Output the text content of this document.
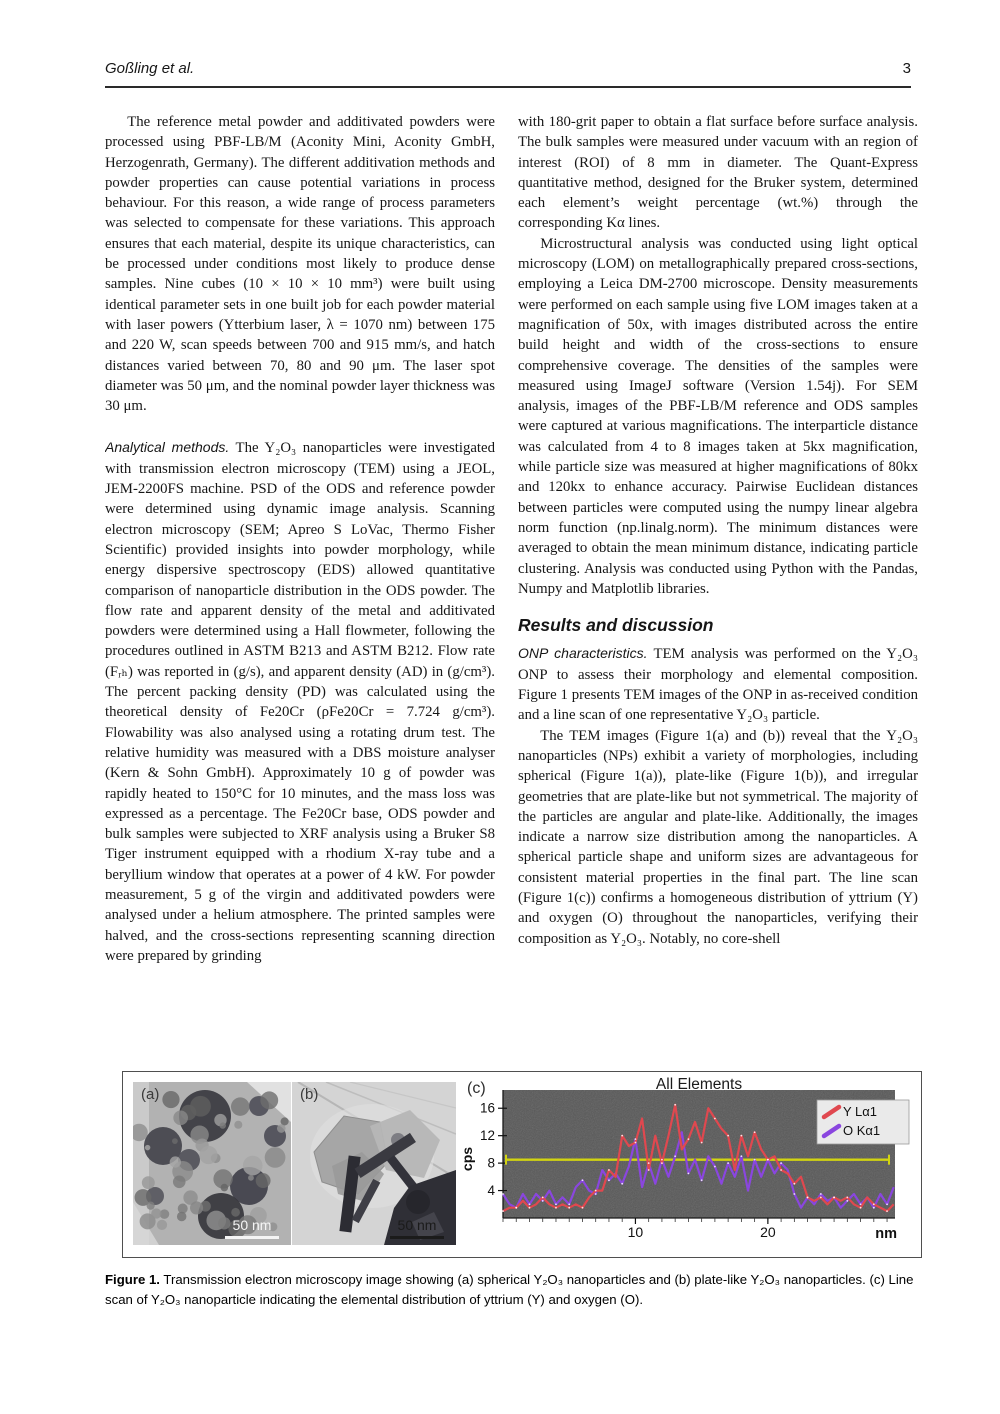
Goßling et al.	3

The reference metal powder and additivated powders were processed using PBF-LB/M (Aconity Mini, Aconity GmbH, Herzogenrath, Germany). The different additivation methods and powder properties can cause potential variations in process behaviour. For this reason, a wide range of process parameters was selected to compensate for these variations. This approach ensures that each material, despite its unique characteristics, can be processed under conditions most likely to produce dense samples. Nine cubes (10 × 10 × 10 mm³) were built using identical parameter sets in one built job for each powder material with laser powers (Ytterbium laser, λ = 1070 nm) between 175 and 220 W, scan speeds between 700 and 915 mm/s, and hatch distances varied between 70, 80 and 90 μm. The laser spot diameter was 50 μm, and the nominal powder layer thickness was 30 μm.

Analytical methods. The Y₂O₃ nanoparticles were investigated with transmission electron microscopy (TEM) using a JEOL, JEM-2200FS machine. PSD of the ODS and reference powder were determined using dynamic image analysis. Scanning electron microscopy (SEM; Apreo S LoVac, Thermo Fisher Scientific) provided insights into powder morphology, while energy dispersive spectroscopy (EDS) allowed quantitative comparison of nanoparticle distribution in the ODS powder. The flow rate and apparent density of the metal and additivated powders were determined using a Hall flowmeter, following the procedures outlined in ASTM B213 and ASTM B212. Flow rate (Fᵣₕ) was reported in (g/s), and apparent density (AD) in (g/cm³). The percent packing density (PD) was calculated using the theoretical density of Fe20Cr (ρFe20Cr = 7.724 g/cm³). Flowability was also analysed using a rotating drum test. The relative humidity was measured with a DBS moisture analyser (Kern & Sohn GmbH). Approximately 10 g of powder was rapidly heated to 150°C for 10 minutes, and the mass loss was expressed as a percentage. The Fe20Cr base, ODS powder and bulk samples were subjected to XRF analysis using a Bruker S8 Tiger instrument equipped with a rhodium X-ray tube and a beryllium window that operates at a power of 4 kW. For powder measurement, 5 g of the virgin and additivated powders were analysed under a helium atmosphere. The printed samples were halved, and the cross-sections representing scanning direction were prepared by grinding

with 180-grit paper to obtain a flat surface before surface analysis. The bulk samples were measured under vacuum with an region of interest (ROI) of 8 mm in diameter. The Quant-Express quantitative method, designed for the Bruker system, determined each element’s weight percentage (wt.%) through the corresponding Kα lines.

Microstructural analysis was conducted using light optical microscopy (LOM) on metallographically prepared cross-sections, employing a Leica DM-2700 microscope. Density measurements were performed on each sample using five LOM images taken at a magnification of 50x, with images distributed across the entire build height and width of the cross-sections to ensure comprehensive coverage. The densities of the samples were measured using ImageJ software (Version 1.54j). For SEM analysis, images of the PBF-LB/M reference and ODS samples were captured at various magnifications. The interparticle distance was calculated from 4 to 8 images taken at 5kx magnification, while particle size was measured at higher magnifications of 80kx and 120kx to enhance accuracy. Pairwise Euclidean distances between particles were computed using the numpy linear algebra norm function (np.linalg.norm). The minimum distances were averaged to obtain the mean minimum distance, indicating particle clustering. Analysis was conducted using Python with the Pandas, Numpy and Matplotlib libraries.

Results and discussion

ONP characteristics. TEM analysis was performed on the Y₂O₃ ONP to assess their morphology and elemental composition. Figure 1 presents TEM images of the ONP in as-received condition and a line scan of one representative Y₂O₃ particle.

The TEM images (Figure 1(a) and (b)) reveal that the Y₂O₃ nanoparticles (NPs) exhibit a variety of morphologies, including spherical (Figure 1(a)), plate-like (Figure 1(b)), and irregular geometries that are plate-like but not symmetrical. The majority of the particles are angular and plate-like. Additionally, the images indicate a narrow size distribution among the nanoparticles. A spherical particle shape and uniform sizes are advantageous for consistent material properties in the final part. The line scan (Figure 1(c)) confirms a homogeneous distribution of yttrium (Y) and oxygen (O) throughout the nanoparticles, verifying their composition as Y₂O₃. Notably, no core-shell

(a)
50 nm
(b)
50 nm
All Elements
4
8
12
16
10	20	nm
cps
Y Lα1
O Kα1
(c)
Figure 1. Transmission electron microscopy image showing (a) spherical Y₂O₃ nanoparticles and (b) plate-like Y₂O₃ nanoparticles. (c) Line scan of Y₂O₃ nanoparticle indicating the elemental distribution of yttrium (Y) and oxygen (O).
